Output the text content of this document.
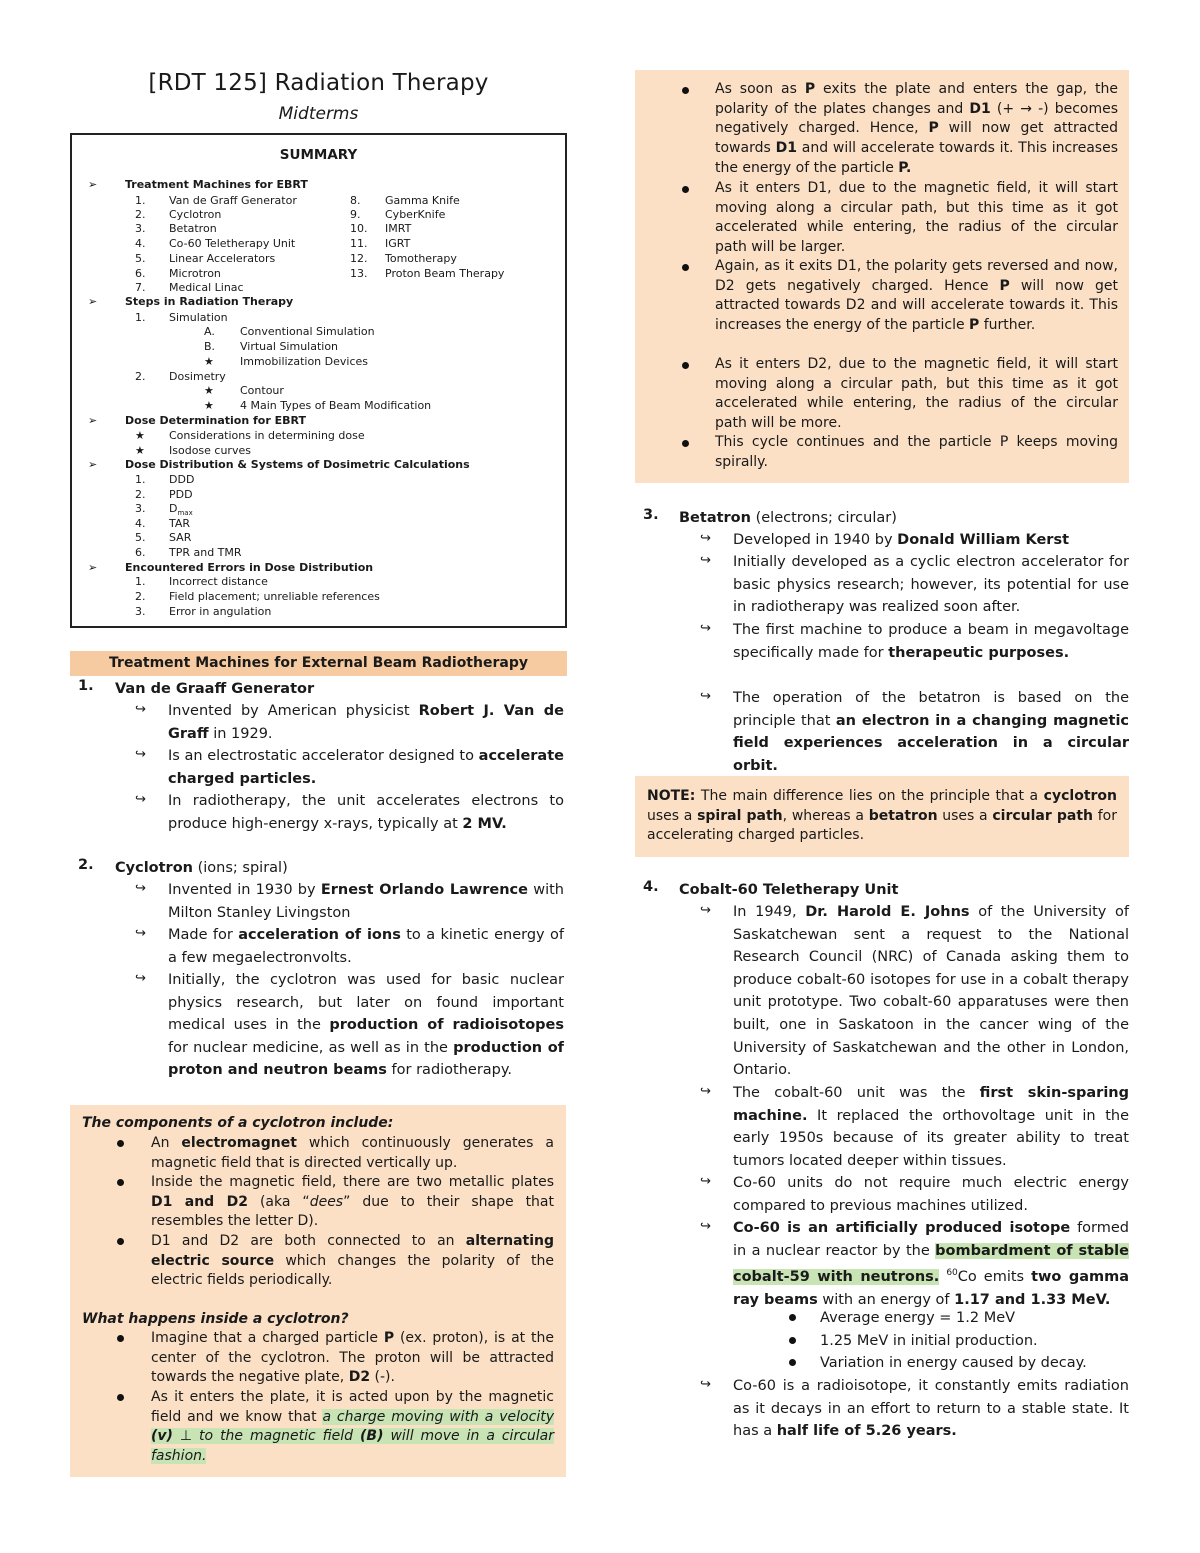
[RDT 125] Radiation Therapy
Midterms
SUMMARY
➢	Treatment Machines for EBRT
1. Van de Graff Generator
2. Cyclotron
3. Betatron
4. Co-60 Teletherapy Unit
5. Linear Accelerators
6. Microtron
7. Medical Linac
8. Gamma Knife
9. CyberKnife
10. IMRT
11. IGRT
12. Tomotherapy
13. Proton Beam Therapy
➢	Steps in Radiation Therapy
1. Simulation
A. Conventional Simulation
B. Virtual Simulation
★ Immobilization Devices
2. Dosimetry
★ Contour
★ 4 Main Types of Beam Modification
➢	Dose Determination for EBRT
★ Considerations in determining dose
★ Isodose curves
➢	Dose Distribution & Systems of Dosimetric Calculations
1. DDD
2. PDD
3. $D_{max}$
4. TAR
5. SAR
6. TPR and TMR
➢	Encountered Errors in Dose Distribution
1. Incorrect distance
2. Field placement; unreliable references
3. Error in angulation
Treatment Machines for External Beam Radiotherapy
1. Van de Graaff Generator
↪ Invented by American physicist Robert J. Van de Graff in 1929.
↪ Is an electrostatic accelerator designed to accelerate charged particles.
↪ In radiotherapy, the unit accelerates electrons to produce high-energy x-rays, typically at 2 MV.
2. Cyclotron (ions; spiral)
↪ Invented in 1930 by Ernest Orlando Lawrence with Milton Stanley Livingston
↪ Made for acceleration of ions to a kinetic energy of a few megaelectronvolts.
↪ Initially, the cyclotron was used for basic nuclear physics research, but later on found important medical uses in the production of radioisotopes for nuclear medicine, as well as in the production of proton and neutron beams for radiotherapy.
The components of a cyclotron include:
An electromagnet which continuously generates a magnetic field that is directed vertically up.
Inside the magnetic field, there are two metallic plates D1 and D2 (aka “dees” due to their shape that resembles the letter D).
D1 and D2 are both connected to an alternating electric source which changes the polarity of the electric fields periodically.
What happens inside a cyclotron?
Imagine that a charged particle P (ex. proton), is at the center of the cyclotron. The proton will be attracted towards the negative plate, D2 (-).
As it enters the plate, it is acted upon by the magnetic field and we know that a charge moving with a velocity (v) ⊥ to the magnetic field (B) will move in a circular fashion.
As soon as P exits the plate and enters the gap, the polarity of the plates changes and D1 (+ → -) becomes negatively charged. Hence, P will now get attracted towards D1 and will accelerate towards it. This increases the energy of the particle P.
As it enters D1, due to the magnetic field, it will start moving along a circular path, but this time as it got accelerated while entering, the radius of the circular path will be larger.
Again, as it exits D1, the polarity gets reversed and now, D2 gets negatively charged. Hence P will now get attracted towards D2 and will accelerate towards it. This increases the energy of the particle P further.
As it enters D2, due to the magnetic field, it will start moving along a circular path, but this time as it got accelerated while entering, the radius of the circular path will be more.
This cycle continues and the particle P keeps moving spirally.
3. Betatron (electrons; circular)
↪ Developed in 1940 by Donald William Kerst
↪ Initially developed as a cyclic electron accelerator for basic physics research; however, its potential for use in radiotherapy was realized soon after.
↪ The first machine to produce a beam in megavoltage specifically made for therapeutic purposes.
↪ The operation of the betatron is based on the principle that an electron in a changing magnetic field experiences acceleration in a circular orbit.
NOTE: The main difference lies on the principle that a cyclotron uses a spiral path, whereas a betatron uses a circular path for accelerating charged particles.
4. Cobalt-60 Teletherapy Unit
↪ In 1949, Dr. Harold E. Johns of the University of Saskatchewan sent a request to the National Research Council (NRC) of Canada asking them to produce cobalt-60 isotopes for use in a cobalt therapy unit prototype. Two cobalt-60 apparatuses were then built, one in Saskatoon in the cancer wing of the University of Saskatchewan and the other in London, Ontario.
↪ The cobalt-60 unit was the first skin-sparing machine. It replaced the orthovoltage unit in the early 1950s because of its greater ability to treat tumors located deeper within tissues.
↪ Co-60 units do not require much electric energy compared to previous machines utilized.
↪ Co-60 is an artificially produced isotope formed in a nuclear reactor by the bombardment of stable cobalt-59 with neutrons. $^{60}$Co emits two gamma ray beams with an energy of 1.17 and 1.33 MeV.
Average energy = 1.2 MeV
1.25 MeV in initial production.
Variation in energy caused by decay.
↪ Co-60 is a radioisotope, it constantly emits radiation as it decays in an effort to return to a stable state. It has a half life of 5.26 years.
